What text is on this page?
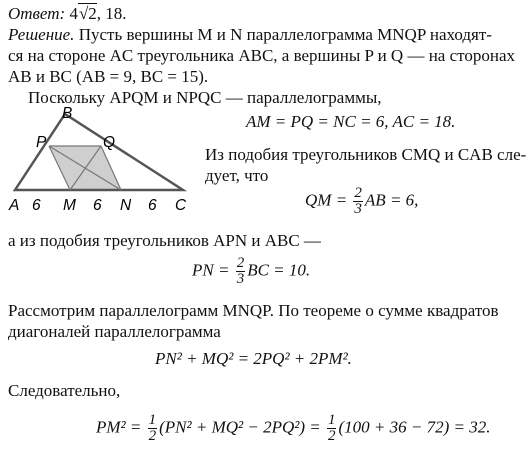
Ответ: 4√2, 18.
Решение. Пусть вершины M и N параллелограмма MNQP находят-
ся на стороне AC треугольника ABC, а вершины P и Q — на сторонах
AB и BC (AB = 9, BC = 15).
Поскольку APQM и NPQC — параллелограммы,
B
P	Q
A 6 M 6 N 6 C
AM = PQ = NC = 6, AC = 18.
Из подобия треугольников CMQ и CAB сле-
дует, что
QM = $\frac{2}{3}$ AB = 6,
а из подобия треугольников APN и ABC —
PN = $\frac{2}{3}$ BC = 10.
Рассмотрим параллелограмм MNQP. По теореме о сумме квадратов
диагоналей параллелограмма
PN² + MQ² = 2PQ² + 2PM².
Следовательно,
$PM^2 = \frac{1}{2} (PN^2 + MQ^2 - 2PQ^2) = \frac{1}{2} (100 + 36 - 72) = 32$.
